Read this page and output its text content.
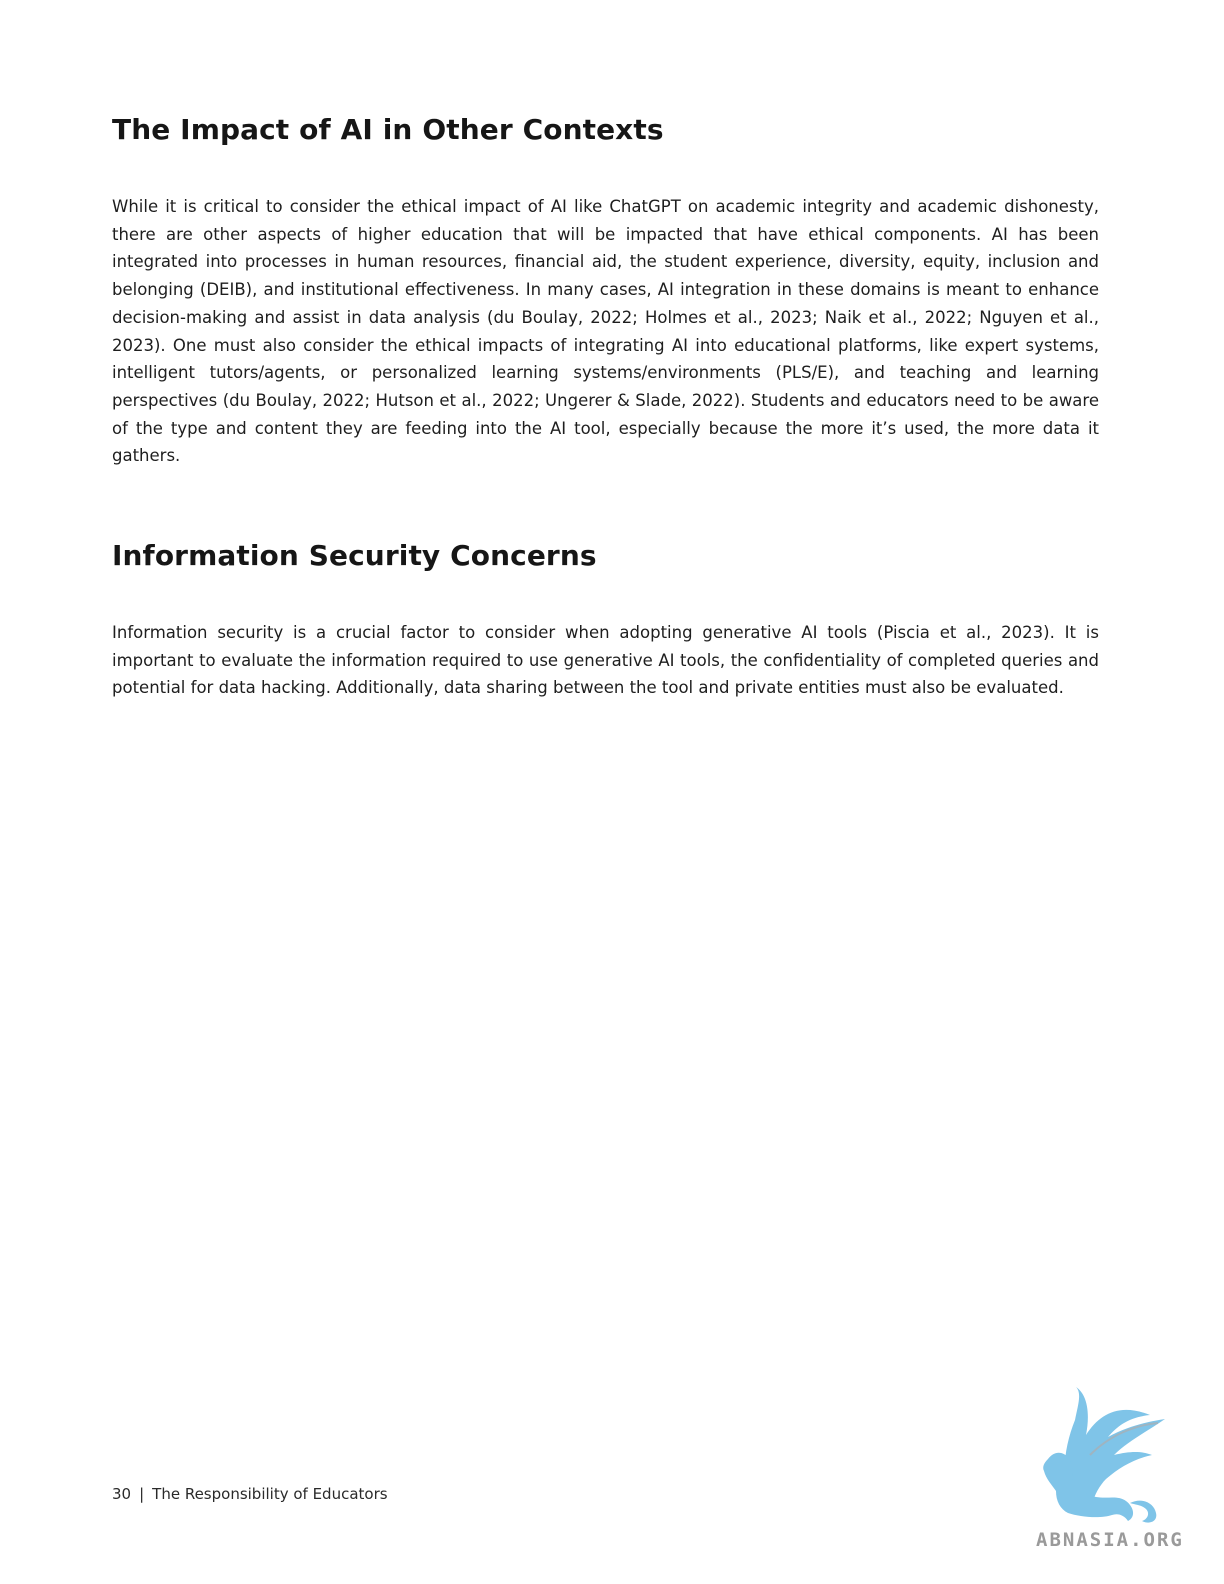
The Impact of AI in Other Contexts

While it is critical to consider the ethical impact of AI like ChatGPT on academic integrity and academic dishonesty, there are other aspects of higher education that will be impacted that have ethical components. AI has been integrated into processes in human resources, financial aid, the student experience, diversity, equity, inclusion and belonging (DEIB), and institutional effectiveness. In many cases, AI integration in these domains is meant to enhance decision-making and assist in data analysis (du Boulay, 2022; Holmes et al., 2023; Naik et al., 2022; Nguyen et al., 2023). One must also consider the ethical impacts of integrating AI into educational platforms, like expert systems, intelligent tutors/agents, or personalized learning systems/environments (PLS/E), and teaching and learning perspectives (du Boulay, 2022; Hutson et al., 2022; Ungerer & Slade, 2022). Students and educators need to be aware of the type and content they are feeding into the AI tool, especially because the more it’s used, the more data it gathers.

Information Security Concerns

Information security is a crucial factor to consider when adopting generative AI tools (Piscia et al., 2023). It is important to evaluate the information required to use generative AI tools, the confidentiality of completed queries and potential for data hacking. Additionally, data sharing between the tool and private entities must also be evaluated.

30 | The Responsibility of Educators
ABNASIA.ORG
